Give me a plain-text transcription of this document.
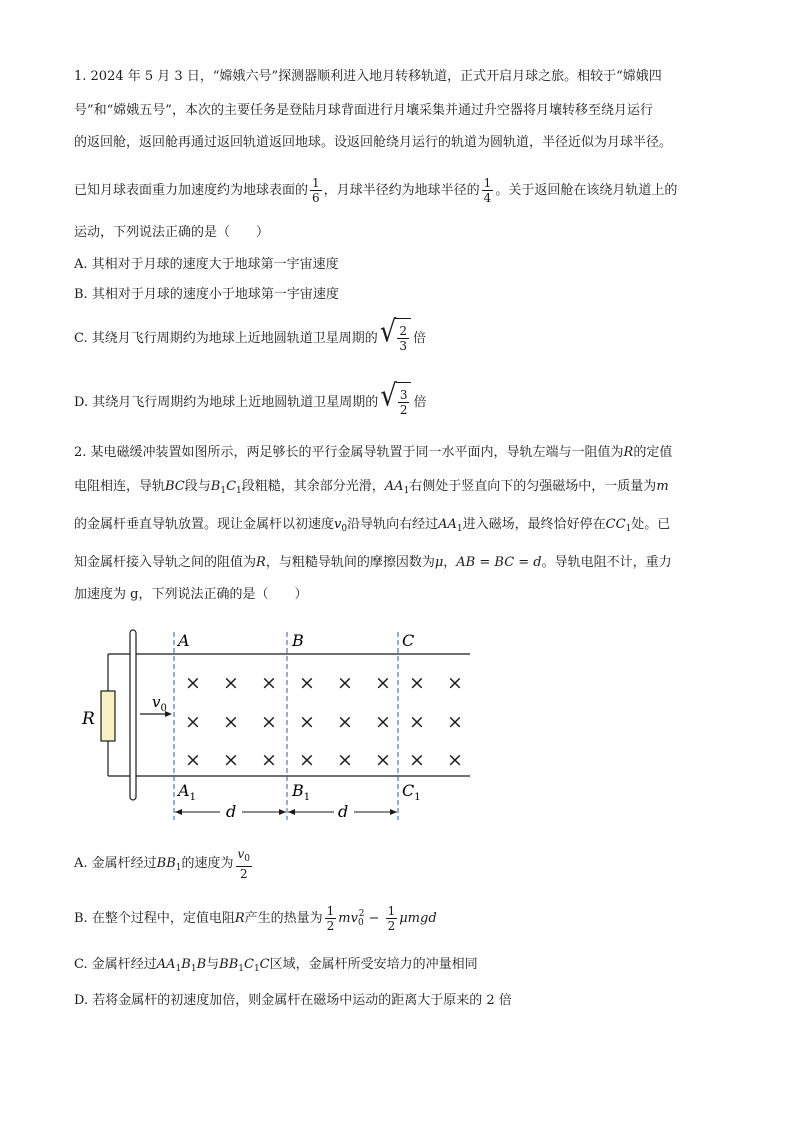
1. 2024 年 5 月 3 日，“嫦娥六号”探测器顺利进入地月转移轨道，正式开启月球之旅。相较于“嫦娥四
号”和“嫦娥五号”，本次的主要任务是登陆月球背面进行月壤采集并通过升空器将月壤转移至绕月运行
的返回舱，返回舱再通过返回轨道返回地球。设返回舱绕月运行的轨道为圆轨道，半径近似为月球半径。
已知月球表面重力加速度约为地球表面的 $\frac{1}{6}$ ，月球半径约为地球半径的 $\frac{1}{4}$ 。关于返回舱在该绕月轨道上的
运动，下列说法正确的是（　　）
A. 其相对于月球的速度大于地球第一宇宙速度
B. 其相对于月球的速度小于地球第一宇宙速度
C. 其绕月飞行周期约为地球上近地圆轨道卫星周期的 √ $\frac{2}{3}$ 倍
D. 其绕月飞行周期约为地球上近地圆轨道卫星周期的 √ $\frac{3}{2}$ 倍
2. 某电磁缓冲装置如图所示，两足够长的平行金属导轨置于同一水平面内，导轨左端与一阻值为R的定值
电阻相连，导轨BC段与$B_1C_1$段粗糙，其余部分光滑，$AA_1$右侧处于竖直向下的匀强磁场中，一质量为m
的金属杆垂直导轨放置。现让金属杆以初速度$v_0$沿导轨向右经过$AA_1$进入磁场，最终恰好停在$CC_1$处。已
知金属杆接入导轨之间的阻值为R，与粗糙导轨间的摩擦因数为μ，AB = BC = d。导轨电阻不计，重力
加速度为 g，下列说法正确的是（　　）
R
$v_0$
A	B	C
$A_1$	$B_1$	$C_1$
d	d
× × × × × × × ×
× × × × × × × ×
× × × × × × × ×
A. 金属杆经过$BB_1$的速度为 $\frac{v_0}{2}$
B. 在整个过程中，定值电阻R产生的热量为 $\frac{1}{2} mv_0^2 - \frac{1}{2}$ μmgd
C. 金属杆经过$AA_1B_1B$与$BB_1C_1C$区域，金属杆所受安培力的冲量相同
D. 若将金属杆的初速度加倍，则金属杆在磁场中运动的距离大于原来的 2 倍
